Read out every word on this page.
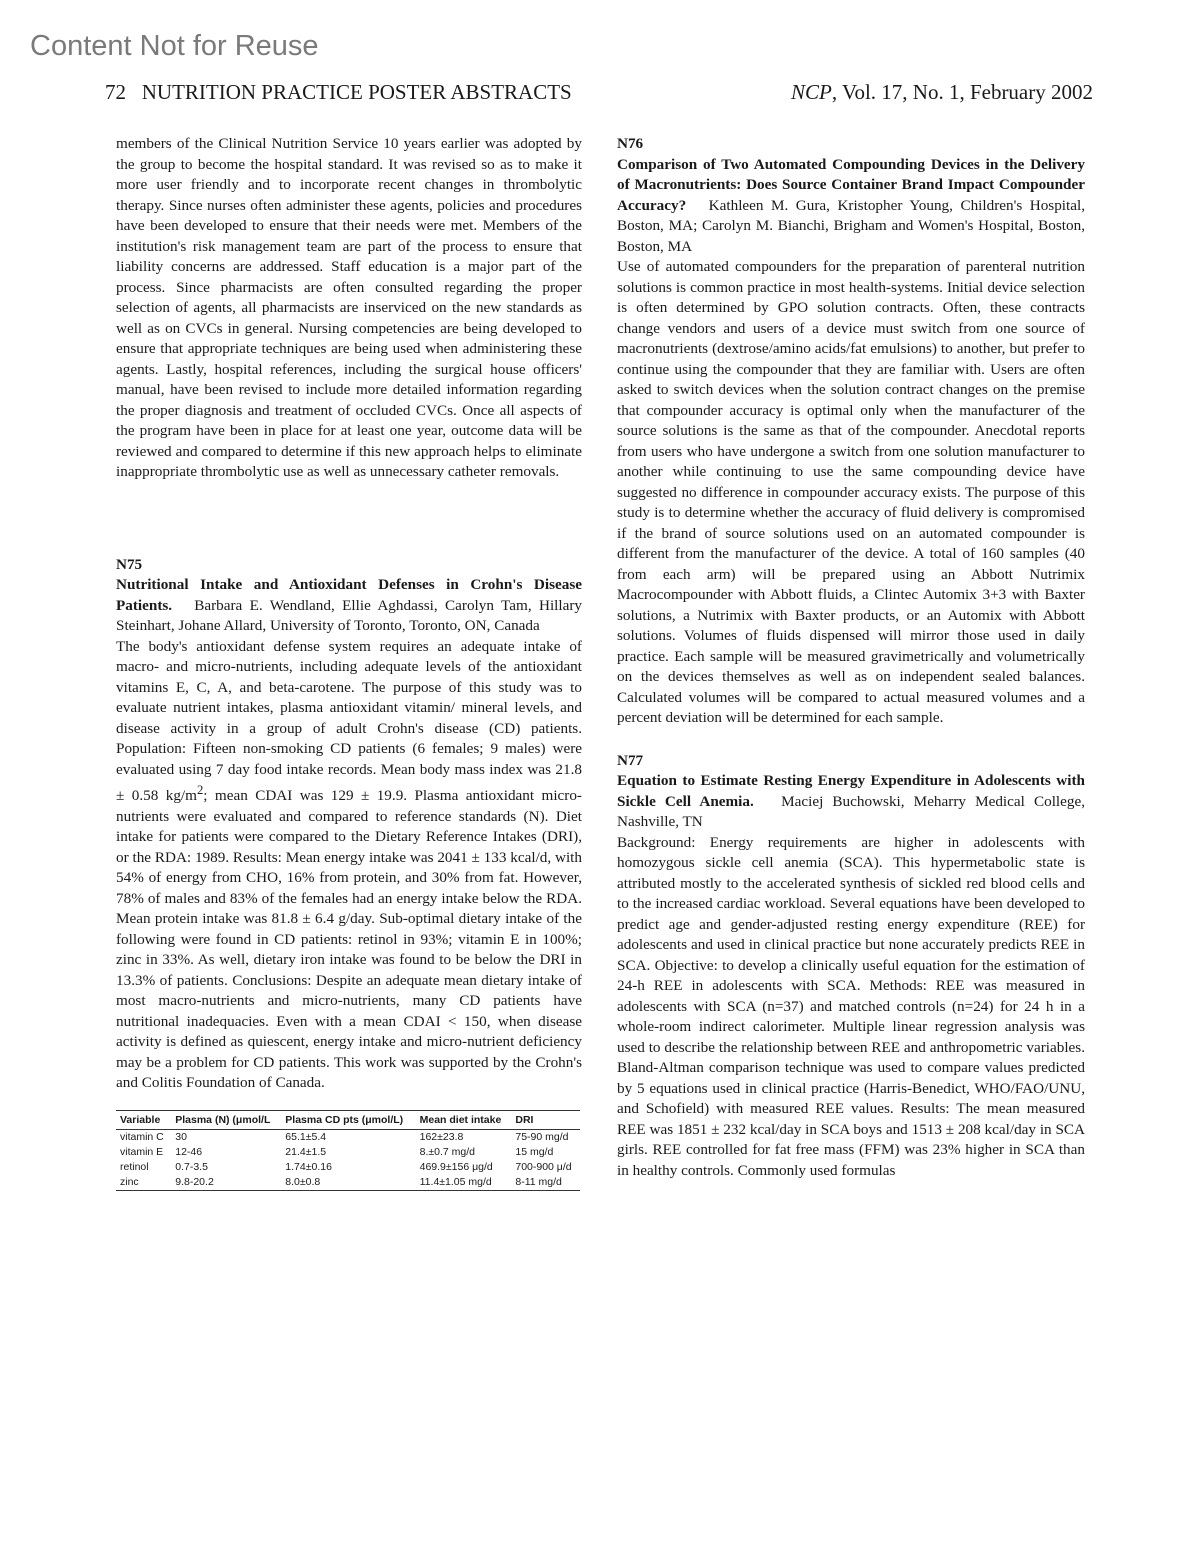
Content Not for Reuse
72   NUTRITION PRACTICE POSTER ABSTRACTS	NCP, Vol. 17, No. 1, February 2002

members of the Clinical Nutrition Service 10 years earlier was adopted by the group to become the hospital standard. It was revised so as to make it more user friendly and to incorporate recent changes in thrombolytic therapy. Since nurses often administer these agents, policies and procedures have been developed to ensure that their needs were met. Members of the institution's risk management team are part of the process to ensure that liability concerns are addressed. Staff education is a major part of the process. Since pharmacists are often consulted regarding the proper selection of agents, all pharmacists are inserviced on the new standards as well as on CVCs in general. Nursing competencies are being developed to ensure that appropriate techniques are being used when administering these agents. Lastly, hospital references, including the surgical house officers' manual, have been revised to include more detailed information regarding the proper diagnosis and treatment of occluded CVCs. Once all aspects of the program have been in place for at least one year, outcome data will be reviewed and compared to determine if this new approach helps to eliminate inappropriate thrombolytic use as well as unnecessary catheter removals.

N75

Nutritional Intake and Antioxidant Defenses in Crohn's Disease Patients. Barbara E. Wendland, Ellie Aghdassi, Carolyn Tam, Hillary Steinhart, Johane Allard, University of Toronto, Toronto, ON, Canada

The body's antioxidant defense system requires an adequate intake of macro- and micro-nutrients, including adequate levels of the antioxidant vitamins E, C, A, and beta-carotene. The purpose of this study was to evaluate nutrient intakes, plasma antioxidant vitamin/ mineral levels, and disease activity in a group of adult Crohn's disease (CD) patients. Population: Fifteen non-smoking CD patients (6 females; 9 males) were evaluated using 7 day food intake records. Mean body mass index was 21.8 ± 0.58 $kg/m^2$; mean CDAI was 129 ± 19.9. Plasma antioxidant micro-nutrients were evaluated and compared to reference standards (N). Diet intake for patients were compared to the Dietary Reference Intakes (DRI), or the RDA: 1989. Results: Mean energy intake was 2041 ± 133 kcal/d, with 54% of energy from CHO, 16% from protein, and 30% from fat. However, 78% of males and 83% of the females had an energy intake below the RDA. Mean protein intake was 81.8 ± 6.4 g/day. Sub-optimal dietary intake of the following were found in CD patients: retinol in 93%; vitamin E in 100%; zinc in 33%. As well, dietary iron intake was found to be below the DRI in 13.3% of patients. Conclusions: Despite an adequate mean dietary intake of most macro-nutrients and micro-nutrients, many CD patients have nutritional inadequacies. Even with a mean CDAI < 150, when disease activity is defined as quiescent, energy intake and micro-nutrient deficiency may be a problem for CD patients. This work was supported by the Crohn's and Colitis Foundation of Canada.

Variable	Plasma (N) (μmol/L	Plasma CD pts (μmol/L)	Mean diet intake	DRI
vitamin C	30	65.1±5.4	162±23.8	75-90 mg/d
vitamin E	12-46	21.4±1.5	8.±0.7 mg/d	15 mg/d
retinol	0.7-3.5	1.74±0.16	469.9±156 μg/d	700-900 μ/d
zinc	9.8-20.2	8.0±0.8	11.4±1.05 mg/d	8-11 mg/d

N76

Comparison of Two Automated Compounding Devices in the Delivery of Macronutrients: Does Source Container Brand Impact Compounder Accuracy? Kathleen M. Gura, Kristopher Young, Children's Hospital, Boston, MA; Carolyn M. Bianchi, Brigham and Women's Hospital, Boston, Boston, MA

Use of automated compounders for the preparation of parenteral nutrition solutions is common practice in most health-systems. Initial device selection is often determined by GPO solution contracts. Often, these contracts change vendors and users of a device must switch from one source of macronutrients (dextrose/amino acids/fat emulsions) to another, but prefer to continue using the compounder that they are familiar with. Users are often asked to switch devices when the solution contract changes on the premise that compounder accuracy is optimal only when the manufacturer of the source solutions is the same as that of the compounder. Anecdotal reports from users who have undergone a switch from one solution manufacturer to another while continuing to use the same compounding device have suggested no difference in compounder accuracy exists. The purpose of this study is to determine whether the accuracy of fluid delivery is compromised if the brand of source solutions used on an automated compounder is different from the manufacturer of the device. A total of 160 samples (40 from each arm) will be prepared using an Abbott Nutrimix Macrocompounder with Abbott fluids, a Clintec Automix 3+3 with Baxter solutions, a Nutrimix with Baxter products, or an Automix with Abbott solutions. Volumes of fluids dispensed will mirror those used in daily practice. Each sample will be measured gravimetrically and volumetrically on the devices themselves as well as on independent sealed balances. Calculated volumes will be compared to actual measured volumes and a percent deviation will be determined for each sample.

N77

Equation to Estimate Resting Energy Expenditure in Adolescents with Sickle Cell Anemia. Maciej Buchowski, Meharry Medical College, Nashville, TN

Background: Energy requirements are higher in adolescents with homozygous sickle cell anemia (SCA). This hypermetabolic state is attributed mostly to the accelerated synthesis of sickled red blood cells and to the increased cardiac workload. Several equations have been developed to predict age and gender-adjusted resting energy expenditure (REE) for adolescents and used in clinical practice but none accurately predicts REE in SCA. Objective: to develop a clinically useful equation for the estimation of 24-h REE in adolescents with SCA. Methods: REE was measured in adolescents with SCA (n=37) and matched controls (n=24) for 24 h in a whole-room indirect calorimeter. Multiple linear regression analysis was used to describe the relationship between REE and anthropometric variables. Bland-Altman comparison technique was used to compare values predicted by 5 equations used in clinical practice (Harris-Benedict, WHO/FAO/UNU, and Schofield) with measured REE values. Results: The mean measured REE was 1851 ± 232 kcal/day in SCA boys and 1513 ± 208 kcal/day in SCA girls. REE controlled for fat free mass (FFM) was 23% higher in SCA than in healthy controls. Commonly used formulas
